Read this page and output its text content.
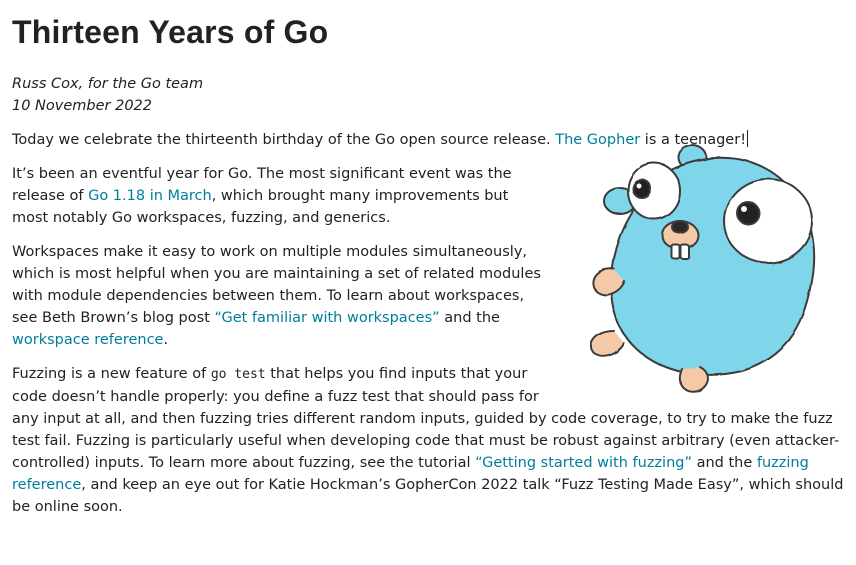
Thirteen Years of Go
Russ Cox, for the Go team
10 November 2022

Today we celebrate the thirteenth birthday of the Go open source release. The Gopher is a teenager!

It’s been an eventful year for Go. The most significant event was the release of Go 1.18 in March, which brought many improvements but most notably Go workspaces, fuzzing, and generics.

Workspaces make it easy to work on multiple modules simultaneously, which is most helpful when you are maintaining a set of related modules with module dependencies between them. To learn about workspaces, see Beth Brown’s blog post “Get familiar with workspaces” and the workspace reference.

Fuzzing is a new feature of go test that helps you find inputs that your code doesn’t handle properly: you define a fuzz test that should pass for any input at all, and then fuzzing tries different random inputs, guided by code coverage, to try to make the fuzz test fail. Fuzzing is particularly useful when developing code that must be robust against arbitrary (even attacker-controlled) inputs. To learn more about fuzzing, see the tutorial “Getting started with fuzzing” and the fuzzing reference, and keep an eye out for Katie Hockman’s GopherCon 2022 talk “Fuzz Testing Made Easy”, which should be online soon.
